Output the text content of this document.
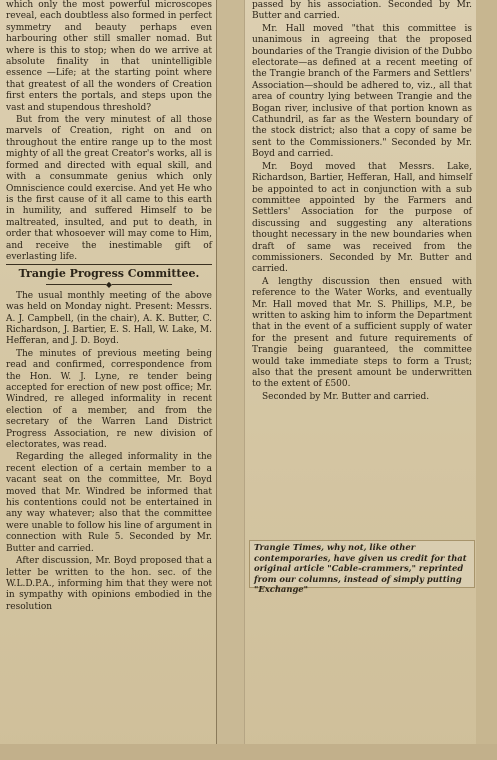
which only the most powerful microscopes reveal, each doubtless also formed in perfect symmetry and beauty perhaps even harbouring other still smaller nomad. But where is this to stop; when do we arrive at absolute finality in that unintelligible essence —Life; at the starting point where that greatest of all the wonders of Creation first enters the portals, and steps upon the vast and stupendous threshold?

But from the very minutest of all those marvels of Creation, right on and on throughout the entire range up to the most mighty of all the great Creator's works, all is formed and directed with equal skill, and with a consummate genius which only Omniscience could exercise. And yet He who is the first cause of it all came to this earth in humility, and suffered Himself to be maltreated, insulted, and put to death, in order that whosoever will may come to Him, and receive the inestimable gift of everlasting life.

Trangie Progress Committee.

◆

The usual monthly meeting of the above was held on Monday night. Present: Messrs. A. J. Campbell, (in the chair), A. K. Butter, C. Richardson, J. Bartier, E. S. Hall, W. Lake, M. Hefferan, and J. D. Boyd.

The minutes of previous meeting being read and confirmed, correspondence from the Hon. W. J. Lyne, re tender being accepted for erection of new post office; Mr. Windred, re alleged informality in recent election of a member, and from the secretary of the Warren Land District Progress Association, re new division of electorates, was read.

Regarding the alleged informality in the recent election of a certain member to a vacant seat on the committee, Mr. Boyd moved that Mr. Windred be informed that his contentions could not be entertained in any way whatever; also that the committee were unable to follow his line of argument in connection with Rule 5. Seconded by Mr. Butter and carried.

After discussion, Mr. Boyd proposed that a letter be written to the hon. sec. of the W.L.D.P.A., informing him that they were not in sympathy with opinions embodied in the resolution

passed by his association. Seconded by Mr. Butter and carried.

Mr. Hall moved "that this committee is unanimous in agreeing that the proposed boundaries of the Trangie division of the Dubbo electorate—as defined at a recent meeting of the Trangie branch of the Farmers and Settlers' Association—should be adhered to, viz., all that area of country lying between Trangie and the Bogan river, inclusive of that portion known as Cathundril, as far as the Western boundary of the stock district; also that a copy of same be sent to the Commissioners." Seconded by Mr. Boyd and carried.

Mr. Boyd moved that Messrs. Lake, Richardson, Bartier, Hefferan, Hall, and himself be appointed to act in conjunction with a sub committee appointed by the Farmers and Settlers' Association for the purpose of discussing and suggesting any alterations thought necessary in the new boundaries when draft of same was received from the commissioners. Seconded by Mr. Butter and carried.

A lengthy discussion then ensued with reference to the Water Works, and eventually Mr. Hall moved that Mr. S. Phillips, M.P., be written to asking him to inform the Department that in the event of a sufficient supply of water for the present and future requirements of Trangie being guaranteed, the committee would take immediate steps to form a Trust; also that the present amount be underwritten to the extent of £500.

Seconded by Mr. Butter and carried.

Trangie Times, why not, like other contemporaries, have given us credit for that original article "Cable-crammers," reprinted from our columns, instead of simply putting "Exchange"
